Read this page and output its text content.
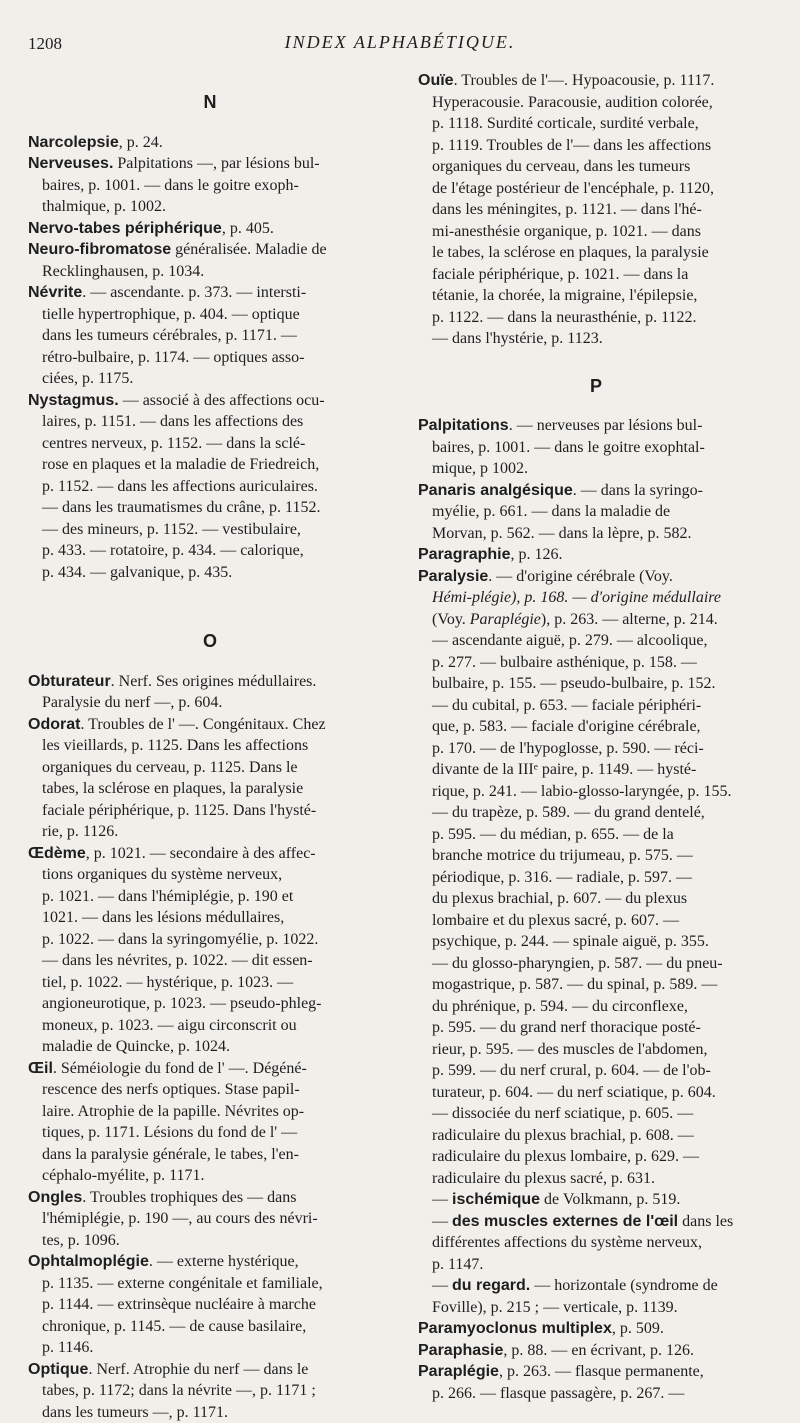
1208	INDEX ALPHABÉTIQUE.

N

Narcolepsie, p. 24.
Nerveuses. Palpitations —, par lésions bul-
baires, p. 1001. — dans le goitre exoph-
thalmique, p. 1002.
Nervo-tabes périphérique, p. 405.
Neuro-fibromatose généralisée. Maladie de
Recklinghausen, p. 1034.
Névrite. — ascendante. p. 373. — intersti-
tielle hypertrophique, p. 404. — optique
dans les tumeurs cérébrales, p. 1171. —
rétro-bulbaire, p. 1174. — optiques asso-
ciées, p. 1175.
Nystagmus. — associé à des affections ocu-
laires, p. 1151. — dans les affections des
centres nerveux, p. 1152. — dans la sclé-
rose en plaques et la maladie de Friedreich,
p. 1152. — dans les affections auriculaires.
— dans les traumatismes du crâne, p. 1152.
— des mineurs, p. 1152. — vestibulaire,
p. 433. — rotatoire, p. 434. — calorique,
p. 434. — galvanique, p. 435.

O

Obturateur. Nerf. Ses origines médullaires.
Paralysie du nerf —, p. 604.
Odorat. Troubles de l' —. Congénitaux. Chez
les vieillards, p. 1125. Dans les affections
organiques du cerveau, p. 1125. Dans le
tabes, la sclérose en plaques, la paralysie
faciale périphérique, p. 1125. Dans l'hysté-
rie, p. 1126.
Œdème, p. 1021. — secondaire à des affec-
tions organiques du système nerveux,
p. 1021. — dans l'hémiplégie, p. 190 et
1021. — dans les lésions médullaires,
p. 1022. — dans la syringomyélie, p. 1022.
— dans les névrites, p. 1022. — dit essen-
tiel, p. 1022. — hystérique, p. 1023. —
angioneurotique, p. 1023. — pseudo-phleg-
moneux, p. 1023. — aigu circonscrit ou
maladie de Quincke, p. 1024.
Œil. Séméiologie du fond de l' —. Dégéné-
rescence des nerfs optiques. Stase papil-
laire. Atrophie de la papille. Névrites op-
tiques, p. 1171. Lésions du fond de l' —
dans la paralysie générale, le tabes, l'en-
céphalo-myélite, p. 1171.
Ongles. Troubles trophiques des — dans
l'hémiplégie, p. 190 —, au cours des névri-
tes, p. 1096.
Ophtalmoplégie. — externe hystérique,
p. 1135. — externe congénitale et familiale,
p. 1144. — extrinsèque nucléaire à marche
chronique, p. 1145. — de cause basilaire,
p. 1146.
Optique. Nerf. Atrophie du nerf — dans le
tabes, p. 1172; dans la névrite —, p. 1171 ;
dans les tumeurs —, p. 1171.
Ouïe. Troubles de l'—. Hypoacousie, p. 1117.
Hyperacousie. Paracousie, audition colorée,
p. 1118. Surdité corticale, surdité verbale,
p. 1119. Troubles de l'— dans les affections
organiques du cerveau, dans les tumeurs
de l'étage postérieur de l'encéphale, p. 1120,
dans les méningites, p. 1121. — dans l'hé-
mi-anesthésie organique, p. 1021. — dans
le tabes, la sclérose en plaques, la paralysie
faciale périphérique, p. 1021. — dans la
tétanie, la chorée, la migraine, l'épilepsie,
p. 1122. — dans la neurasthénie, p. 1122.
— dans l'hystérie, p. 1123.

P

Palpitations. — nerveuses par lésions bul-
baires, p. 1001. — dans le goitre exophtal-
mique, p 1002.
Panaris analgésique. — dans la syringo-
myélie, p. 661. — dans la maladie de
Morvan, p. 562. — dans la lèpre, p. 582.
Paragraphie, p. 126.
Paralysie. — d'origine cérébrale (Voy.
Hémi-plégie), p. 168. — d'origine médullaire
(Voy. Paraplégie), p. 263. — alterne, p. 214.
— ascendante aiguë, p. 279. — alcoolique,
p. 277. — bulbaire asthénique, p. 158. —
bulbaire, p. 155. — pseudo-bulbaire, p. 152.
— du cubital, p. 653. — faciale périphéri-
que, p. 583. — faciale d'origine cérébrale,
p. 170. — de l'hypoglosse, p. 590. — réci-
divante de la IIIᵉ paire, p. 1149. — hysté-
rique, p. 241. — labio-glosso-laryngée, p. 155.
— du trapèze, p. 589. — du grand dentelé,
p. 595. — du médian, p. 655. — de la
branche motrice du trijumeau, p. 575. —
périodique, p. 316. — radiale, p. 597. —
du plexus brachial, p. 607. — du plexus
lombaire et du plexus sacré, p. 607. —
psychique, p. 244. — spinale aiguë, p. 355.
— du glosso-pharyngien, p. 587. — du pneu-
mogastrique, p. 587. — du spinal, p. 589. —
du phrénique, p. 594. — du circonflexe,
p. 595. — du grand nerf thoracique posté-
rieur, p. 595. — des muscles de l'abdomen,
p. 599. — du nerf crural, p. 604. — de l'ob-
turateur, p. 604. — du nerf sciatique, p. 604.
— dissociée du nerf sciatique, p. 605. —
radiculaire du plexus brachial, p. 608. —
radiculaire du plexus lombaire, p. 629. —
radiculaire du plexus sacré, p. 631.
— ischémique de Volkmann, p. 519.
— des muscles externes de l'œil dans les
différentes affections du système nerveux,
p. 1147.
— du regard. — horizontale (syndrome de
Foville), p. 215 ; — verticale, p. 1139.
Paramyoclonus multiplex, p. 509.
Paraphasie, p. 88. — en écrivant, p. 126.
Paraplégie, p. 263. — flasque permanente,
p. 266. — flasque passagère, p. 267. —
